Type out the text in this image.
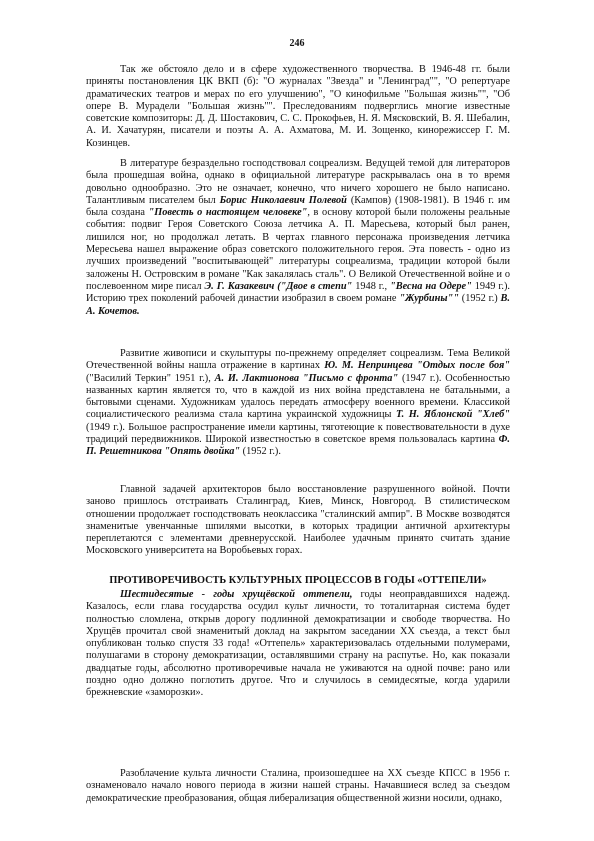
246

Так же обстояло дело и в сфере художественного творчества. В 1946-48 гг. были приняты постановления ЦК ВКП (б): "О журналах "Звезда" и "Ленинград"", "О репертуаре драматических театров и мерах по его улучшению", "О кинофильме "Большая жизнь"", "Об опере В. Мурадели "Большая жизнь"". Преследованиям подверглись многие известные советские композиторы: Д. Д. Шостакович, С. С. Прокофьев, Н. Я. Мясковский, В. Я. Шебалин, А. И. Хачатурян, писатели и поэты А. А. Ахматова, М. И. Зощенко, кинорежиссер Г. М. Козинцев.

В литературе безраздельно господствовал соцреализм. Ведущей темой для литераторов была прошедшая война, однако в официальной литературе раскрывалась она в то время довольно однообразно. Это не означает, конечно, что ничего хорошего не было написано. Талантливым писателем был Борис Николаевич Полевой (Кампов) (1908-1981). В 1946 г. им была создана "Повесть о настоящем человеке", в основу которой были положены реальные события: подвиг Героя Советского Союза летчика А. П. Маресьева, который был ранен, лишился ног, но продолжал летать. В чертах главного персонажа произведения летчика Мересьева нашел выражение образ советского положительного героя. Эта повесть - одно из лучших произведений "воспитывающей" литературы соцреализма, традиции которой были заложены Н. Островским в романе "Как закалялась сталь". О Великой Отечественной войне и о послевоенном мире писал Э. Г. Казакевич ("Двое в степи" 1948 г., "Весна на Одере" 1949 г.). Историю трех поколений рабочей династии изобразил в своем романе "Журбины"" (1952 г.) В. А. Кочетов.

Развитие живописи и скульптуры по-прежнему определяет соцреализм. Тема Великой Отечественной войны нашла отражение в картинах Ю. М. Непринцева "Отдых после боя" ("Василий Теркин" 1951 г.), А. И. Лактионова "Письмо с фронта" (1947 г.). Особенностью названных картин является то, что в каждой из них война представлена не батальными, а бытовыми сценами. Художникам удалось передать атмосферу военного времени. Классикой социалистического реализма стала картина украинской художницы Т. Н. Яблонской "Хлеб" (1949 г.). Большое распространение имели картины, тяготеющие к повествовательности в духе традиций передвижников. Широкой известностью в советское время пользовалась картина Ф. П. Решетникова "Опять двойка" (1952 г.).

Главной задачей архитекторов было восстановление разрушенного войной. Почти заново пришлось отстраивать Сталинград, Киев, Минск, Новгород. В стилистическом отношении продолжает господствовать неоклассика "сталинский ампир". В Москве возводятся знаменитые увенчанные шпилями высотки, в которых традиции античной архитектуры переплетаются с элементами древнерусской. Наиболее удачным принято считать здание Московского университета на Воробьевых горах.

ПРОТИВОРЕЧИВОСТЬ КУЛЬТУРНЫХ ПРОЦЕССОВ В ГОДЫ «ОТТЕПЕЛИ»

Шестидесятые - годы хрущёвской оттепели, годы неоправдавшихся надежд. Казалось, если глава государства осудил культ личности, то тоталитарная система будет полностью сломлена, открыв дорогу подлинной демократизации и свободе творчества. Но Хрущёв прочитал свой знаменитый доклад на закрытом заседании XX съезда, а текст был опубликован только спустя 33 года! «Оттепель» характеризовалась отдельными полумерами, полушагами в сторону демократизации, оставлявшими страну на распутье. Но, как показали двадцатые годы, абсолютно противоречивые начала не уживаются на одной почве: рано или поздно одно должно поглотить другое. Что и случилось в семидесятые, когда ударили брежневские «заморозки».

Разоблачение культа личности Сталина, произошедшее на XX съезде КПСС в 1956 г. ознаменовало начало нового периода в жизни нашей страны. Начавшиеся вслед за съездом демократические преобразования, общая либерализация общественной жизни носили, однако,
